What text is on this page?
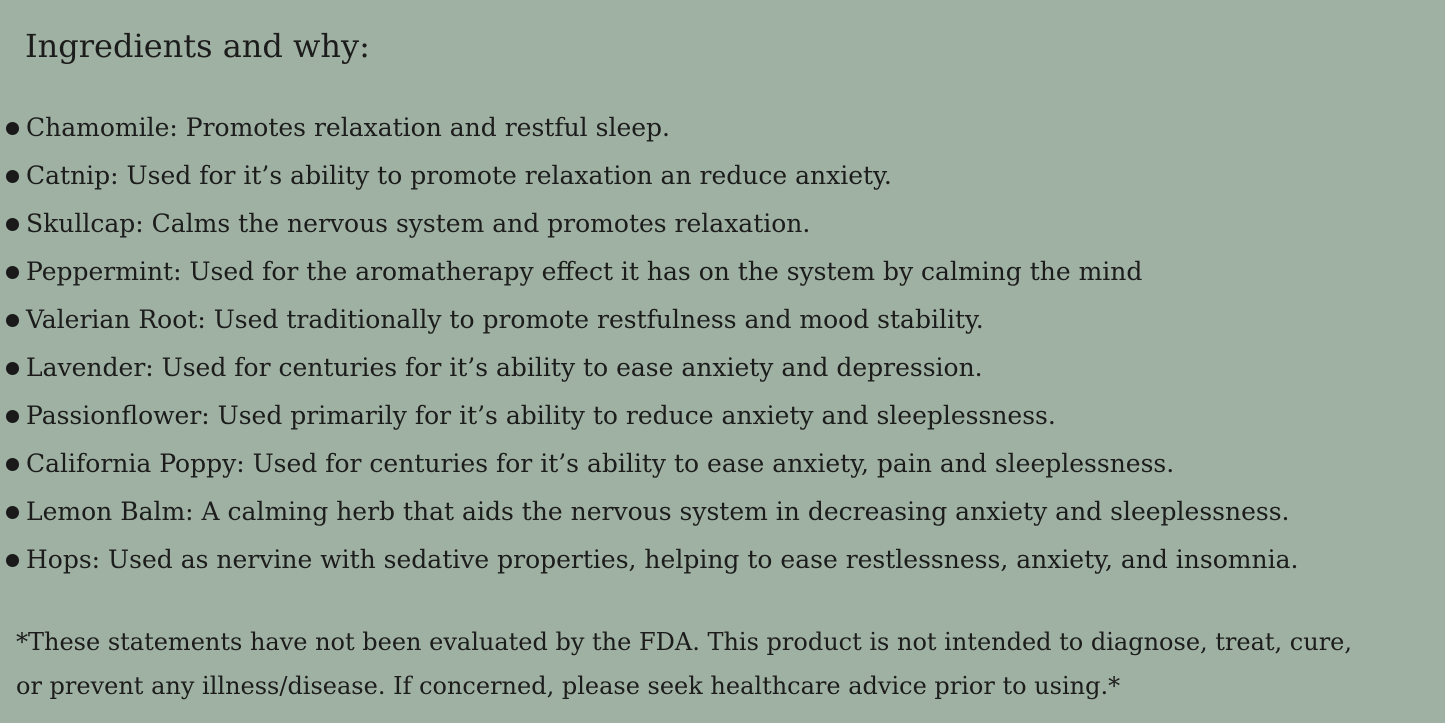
Ingredients and why:
Chamomile: Promotes relaxation and restful sleep.
Catnip: Used for it’s ability to promote relaxation an reduce anxiety.
Skullcap: Calms the nervous system and promotes relaxation.
Peppermint: Used for the aromatherapy effect it has on the system by calming the mind
Valerian Root: Used traditionally to promote restfulness and mood stability.
Lavender: Used for centuries for it’s ability to ease anxiety and depression.
Passionflower: Used primarily for it’s ability to reduce anxiety and sleeplessness.
California Poppy: Used for centuries for it’s ability to ease anxiety, pain and sleeplessness.
Lemon Balm: A calming herb that aids the nervous system in decreasing anxiety and sleeplessness.
Hops: Used as nervine with sedative properties, helping to ease restlessness, anxiety, and insomnia.

*These statements have not been evaluated by the FDA. This product is not intended to diagnose, treat, cure,
or prevent any illness/disease. If concerned, please seek healthcare advice prior to using.*
